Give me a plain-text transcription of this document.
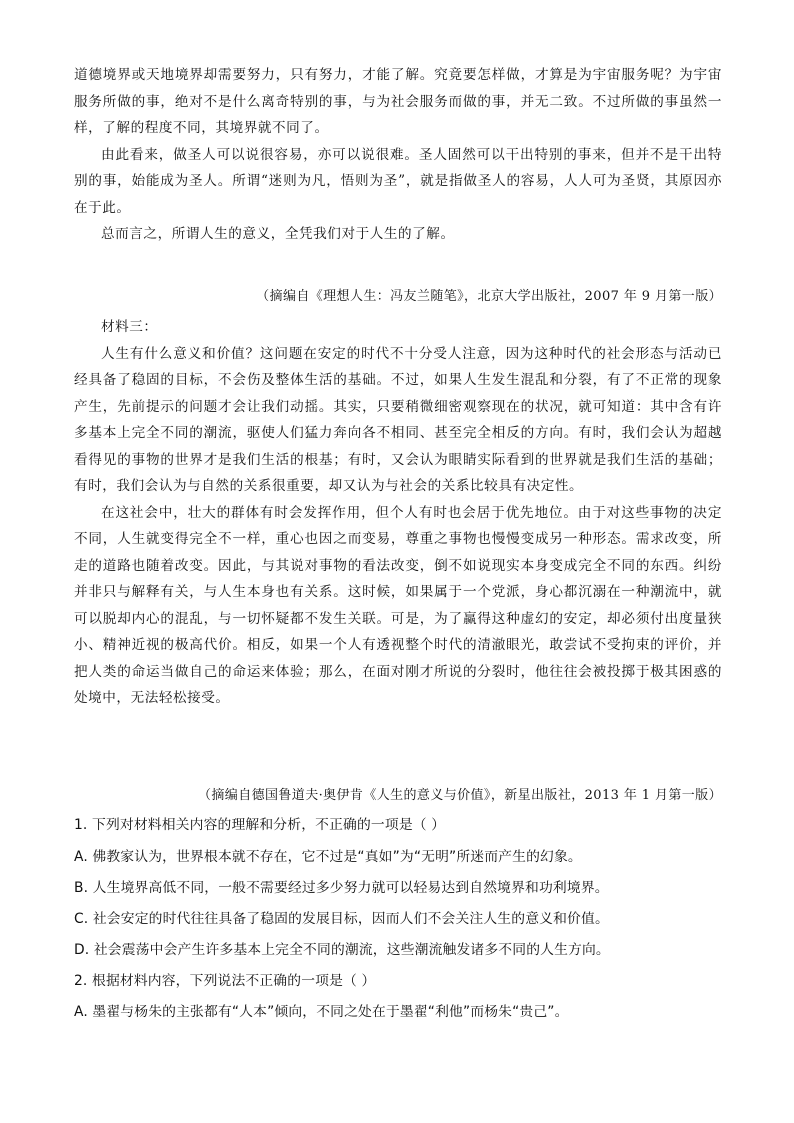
道德境界或天地境界却需要努力，只有努力，才能了解。究竟要怎样做，才算是为宇宙服务呢？为宇宙服务所做的事，绝对不是什么离奇特别的事，与为社会服务而做的事，并无二致。不过所做的事虽然一样，了解的程度不同，其境界就不同了。

由此看来，做圣人可以说很容易，亦可以说很难。圣人固然可以干出特别的事来，但并不是干出特别的事，始能成为圣人。所谓“迷则为凡，悟则为圣”，就是指做圣人的容易，人人可为圣贤，其原因亦在于此。

总而言之，所谓人生的意义，全凭我们对于人生的了解。

（摘编自《理想人生：冯友兰随笔》，北京大学出版社，2007 年 9 月第一版）

材料三：

人生有什么意义和价值？这问题在安定的时代不十分受人注意，因为这种时代的社会形态与活动已经具备了稳固的目标，不会伤及整体生活的基础。不过，如果人生发生混乱和分裂，有了不正常的现象产生，先前提示的问题才会让我们动摇。其实，只要稍微细密观察现在的状况，就可知道：其中含有许多基本上完全不同的潮流，驱使人们猛力奔向各不相同、甚至完全相反的方向。有时，我们会认为超越看得见的事物的世界才是我们生活的根基；有时，又会认为眼睛实际看到的世界就是我们生活的基础；有时，我们会认为与自然的关系很重要，却又认为与社会的关系比较具有决定性。

在这社会中，壮大的群体有时会发挥作用，但个人有时也会居于优先地位。由于对这些事物的决定不同，人生就变得完全不一样，重心也因之而变易，尊重之事物也慢慢变成另一种形态。需求改变，所走的道路也随着改变。因此，与其说对事物的看法改变，倒不如说现实本身变成完全不同的东西。纠纷并非只与解释有关，与人生本身也有关系。这时候，如果属于一个党派，身心都沉溺在一种潮流中，就可以脱却内心的混乱，与一切怀疑都不发生关联。可是，为了赢得这种虚幻的安定，却必须付出度量狭小、精神近视的极高代价。相反，如果一个人有透视整个时代的清澈眼光，敢尝试不受拘束的评价，并把人类的命运当做自己的命运来体验；那么，在面对刚才所说的分裂时，他往往会被投掷于极其困惑的处境中，无法轻松接受。

（摘编自德国鲁道夫·奥伊肯《人生的意义与价值》，新星出版社，2013 年 1 月第一版）
1. 下列对材料相关内容的理解和分析，不正确的一项是（ ）
A. 佛教家认为，世界根本就不存在，它不过是“真如”为“无明”所迷而产生的幻象。
B. 人生境界高低不同，一般不需要经过多少努力就可以轻易达到自然境界和功利境界。
C. 社会安定的时代往往具备了稳固的发展目标，因而人们不会关注人生的意义和价值。
D. 社会震荡中会产生许多基本上完全不同的潮流，这些潮流触发诸多不同的人生方向。
2. 根据材料内容，下列说法不正确的一项是（ ）
A. 墨翟与杨朱的主张都有“人本”倾向，不同之处在于墨翟“利他”而杨朱“贵己”。
